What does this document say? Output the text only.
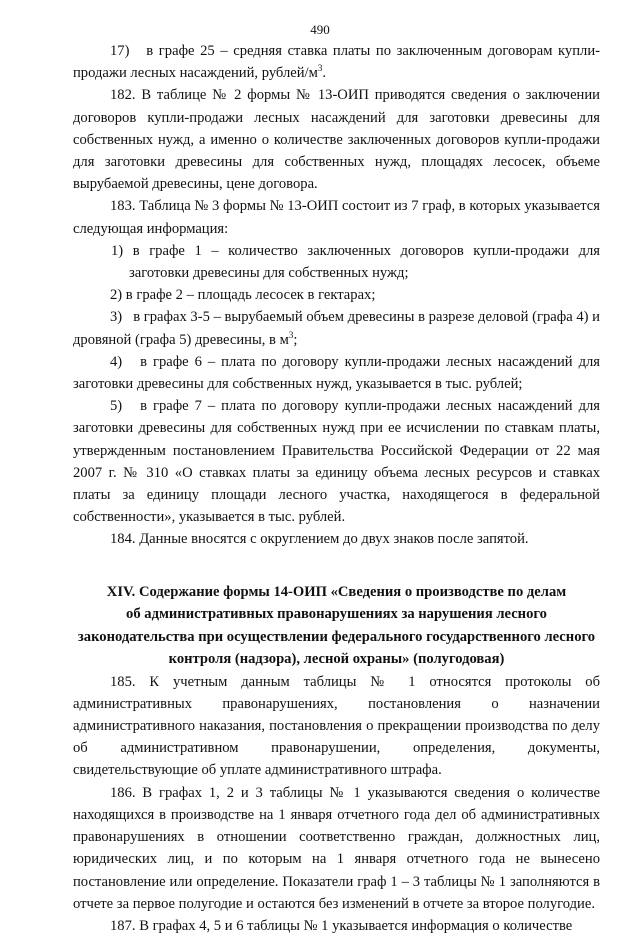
490

17)   в графе 25 – средняя ставка платы по заключенным договорам купли-продажи лесных насаждений, рублей/$м^3$.

182. В таблице № 2 формы № 13-ОИП приводятся сведения о заключении договоров купли-продажи лесных насаждений для заготовки древесины для собственных нужд, а именно о количестве заключенных договоров купли-продажи для заготовки древесины для собственных нужд, площадях лесосек, объеме вырубаемой древесины, цене договора.

183. Таблица № 3 формы № 13-ОИП состоит из 7 граф, в которых указывается следующая информация:

1) в графе 1 – количество заключенных договоров купли-продажи для заготовки древесины для собственных нужд;

2) в графе 2 – площадь лесосек в гектарах;

3)   в графах 3-5 – вырубаемый объем древесины в разрезе деловой (графа 4) и дровяной (графа 5) древесины, в $м^3$;

4)   в графе 6 – плата по договору купли-продажи лесных насаждений для заготовки древесины для собственных нужд, указывается в тыс. рублей;

5)   в графе 7 – плата по договору купли-продажи лесных насаждений для заготовки древесины для собственных нужд при ее исчислении по ставкам платы, утвержденным постановлением Правительства Российской Федерации от 22 мая 2007 г. № 310 «О ставках платы за единицу объема лесных ресурсов и ставках платы за единицу площади лесного участка, находящегося в федеральной собственности», указывается в тыс. рублей.

184. Данные вносятся с округлением до двух знаков после запятой.

XIV. Содержание формы 14-ОИП «Сведения о производстве по делам
об административных правонарушениях за нарушения лесного
законодательства при осуществлении федерального государственного лесного
контроля (надзора), лесной охраны» (полугодовая)

185. К учетным данным таблицы № 1 относятся протоколы об административных правонарушениях, постановления о назначении административного наказания, постановления о прекращении производства по делу об административном правонарушении, определения, документы, свидетельствующие об уплате административного штрафа.

186. В графах 1, 2 и 3 таблицы № 1 указываются сведения о количестве находящихся в производстве на 1 января отчетного года дел об административных правонарушениях в отношении соответственно граждан, должностных лиц, юридических лиц, и по которым на 1 января отчетного года не вынесено постановление или определение. Показатели граф 1 – 3 таблицы № 1 заполняются в отчете за первое полугодие и остаются без изменений в отчете за второе полугодие.

187. В графах 4, 5 и 6 таблицы № 1 указывается информация о количестве
